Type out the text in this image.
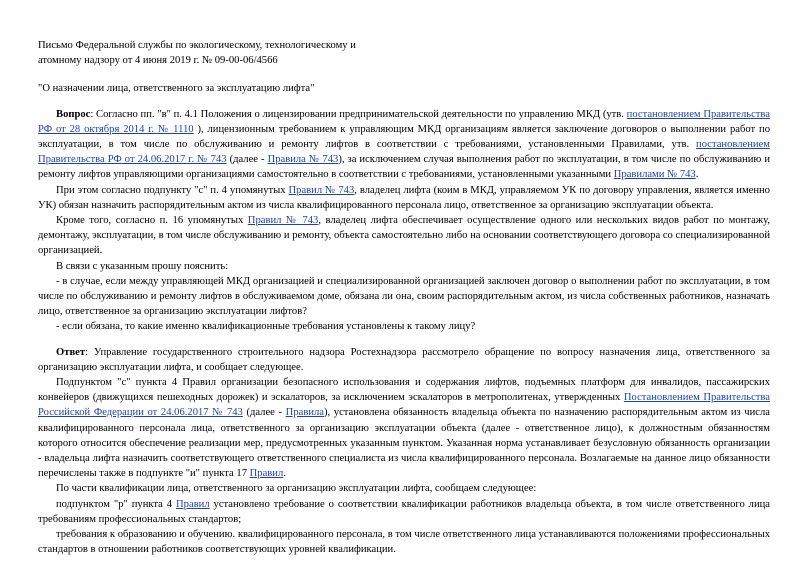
Письмо Федеральной службы по экологическому, технологическому и
атомному надзору от 4 июня 2019 г. № 09-00-06/4566
"О назначении лица, ответственного за эксплуатацию лифта"

Вопрос: Согласно пп. "в" п. 4.1 Положения о лицензировании предпринимательской деятельности по управлению МКД (утв. постановлением Правительства РФ от 28 октября 2014 г. № 1110 ), лицензионным требованием к управляющим МКД организациям является заключение договоров о выполнении работ по эксплуатации, в том числе по обслуживанию и ремонту лифтов в соответствии с требованиями, установленными Правилами, утв. постановлением Правительства РФ от 24.06.2017 г. № 743 (далее - Правила № 743), за исключением случая выполнения работ по эксплуатации, в том числе по обслуживанию и ремонту лифтов управляющими организациями самостоятельно в соответствии с требованиями, установленными указанными Правилами № 743.

При этом согласно подпункту "с" п. 4 упомянутых Правил № 743, владелец лифта (коим в МКД, управляемом УК по договору управления, является именно УК) обязан назначить распорядительным актом из числа квалифицированного персонала лицо, ответственное за организацию эксплуатации объекта.

Кроме того, согласно п. 16 упомянутых Правил № 743, владелец лифта обеспечивает осуществление одного или нескольких видов работ по монтажу, демонтажу, эксплуатации, в том числе обслуживанию и ремонту, объекта самостоятельно либо на основании соответствующего договора со специализированной организацией.

В связи с указанным прошу пояснить:

- в случае, если между управляющей МКД организацией и специализированной организацией заключен договор о выполнении работ по эксплуатации, в том числе по обслуживанию и ремонту лифтов в обслуживаемом доме, обязана ли она, своим распорядительным актом, из числа собственных работников, назначать лицо, ответственное за организацию эксплуатации лифтов?

- если обязана, то какие именно квалификационные требования установлены к такому лицу?

Ответ: Управление государственного строительного надзора Ростехнадзора рассмотрело обращение по вопросу назначения лица, ответственного за организацию эксплуатации лифта, и сообщает следующее.

Подпунктом "с" пункта 4 Правил организации безопасного использования и содержания лифтов, подъемных платформ для инвалидов, пассажирских конвейеров (движущихся пешеходных дорожек) и эскалаторов, за исключением эскалаторов в метрополитенах, утвержденных Постановлением Правительства Российской Федерации от 24.06.2017 № 743 (далее - Правила), установлена обязанность владельца объекта по назначению распорядительным актом из числа квалифицированного персонала лица, ответственного за организацию эксплуатации объекта (далее - ответственное лицо), к должностным обязанностям которого относится обеспечение реализации мер, предусмотренных указанным пунктом. Указанная норма устанавливает безусловную обязанность организации - владельца лифта назначить соответствующего ответственного специалиста из числа квалифицированного персонала. Возлагаемые на данное лицо обязанности перечислены также в подпункте "и" пункта 17 Правил.

По части квалификации лица, ответственного за организацию эксплуатации лифта, сообщаем следующее:

подпунктом "р" пункта 4 Правил установлено требование о соответствии квалификации работников владельца объекта, в том числе ответственного лица требованиям профессиональных стандартов;

требования к образованию и обучению. квалифицированного персонала, в том числе ответственного лица устанавливаются положениями профессиональных стандартов в отношении работников соответствующих уровней квалификации.
